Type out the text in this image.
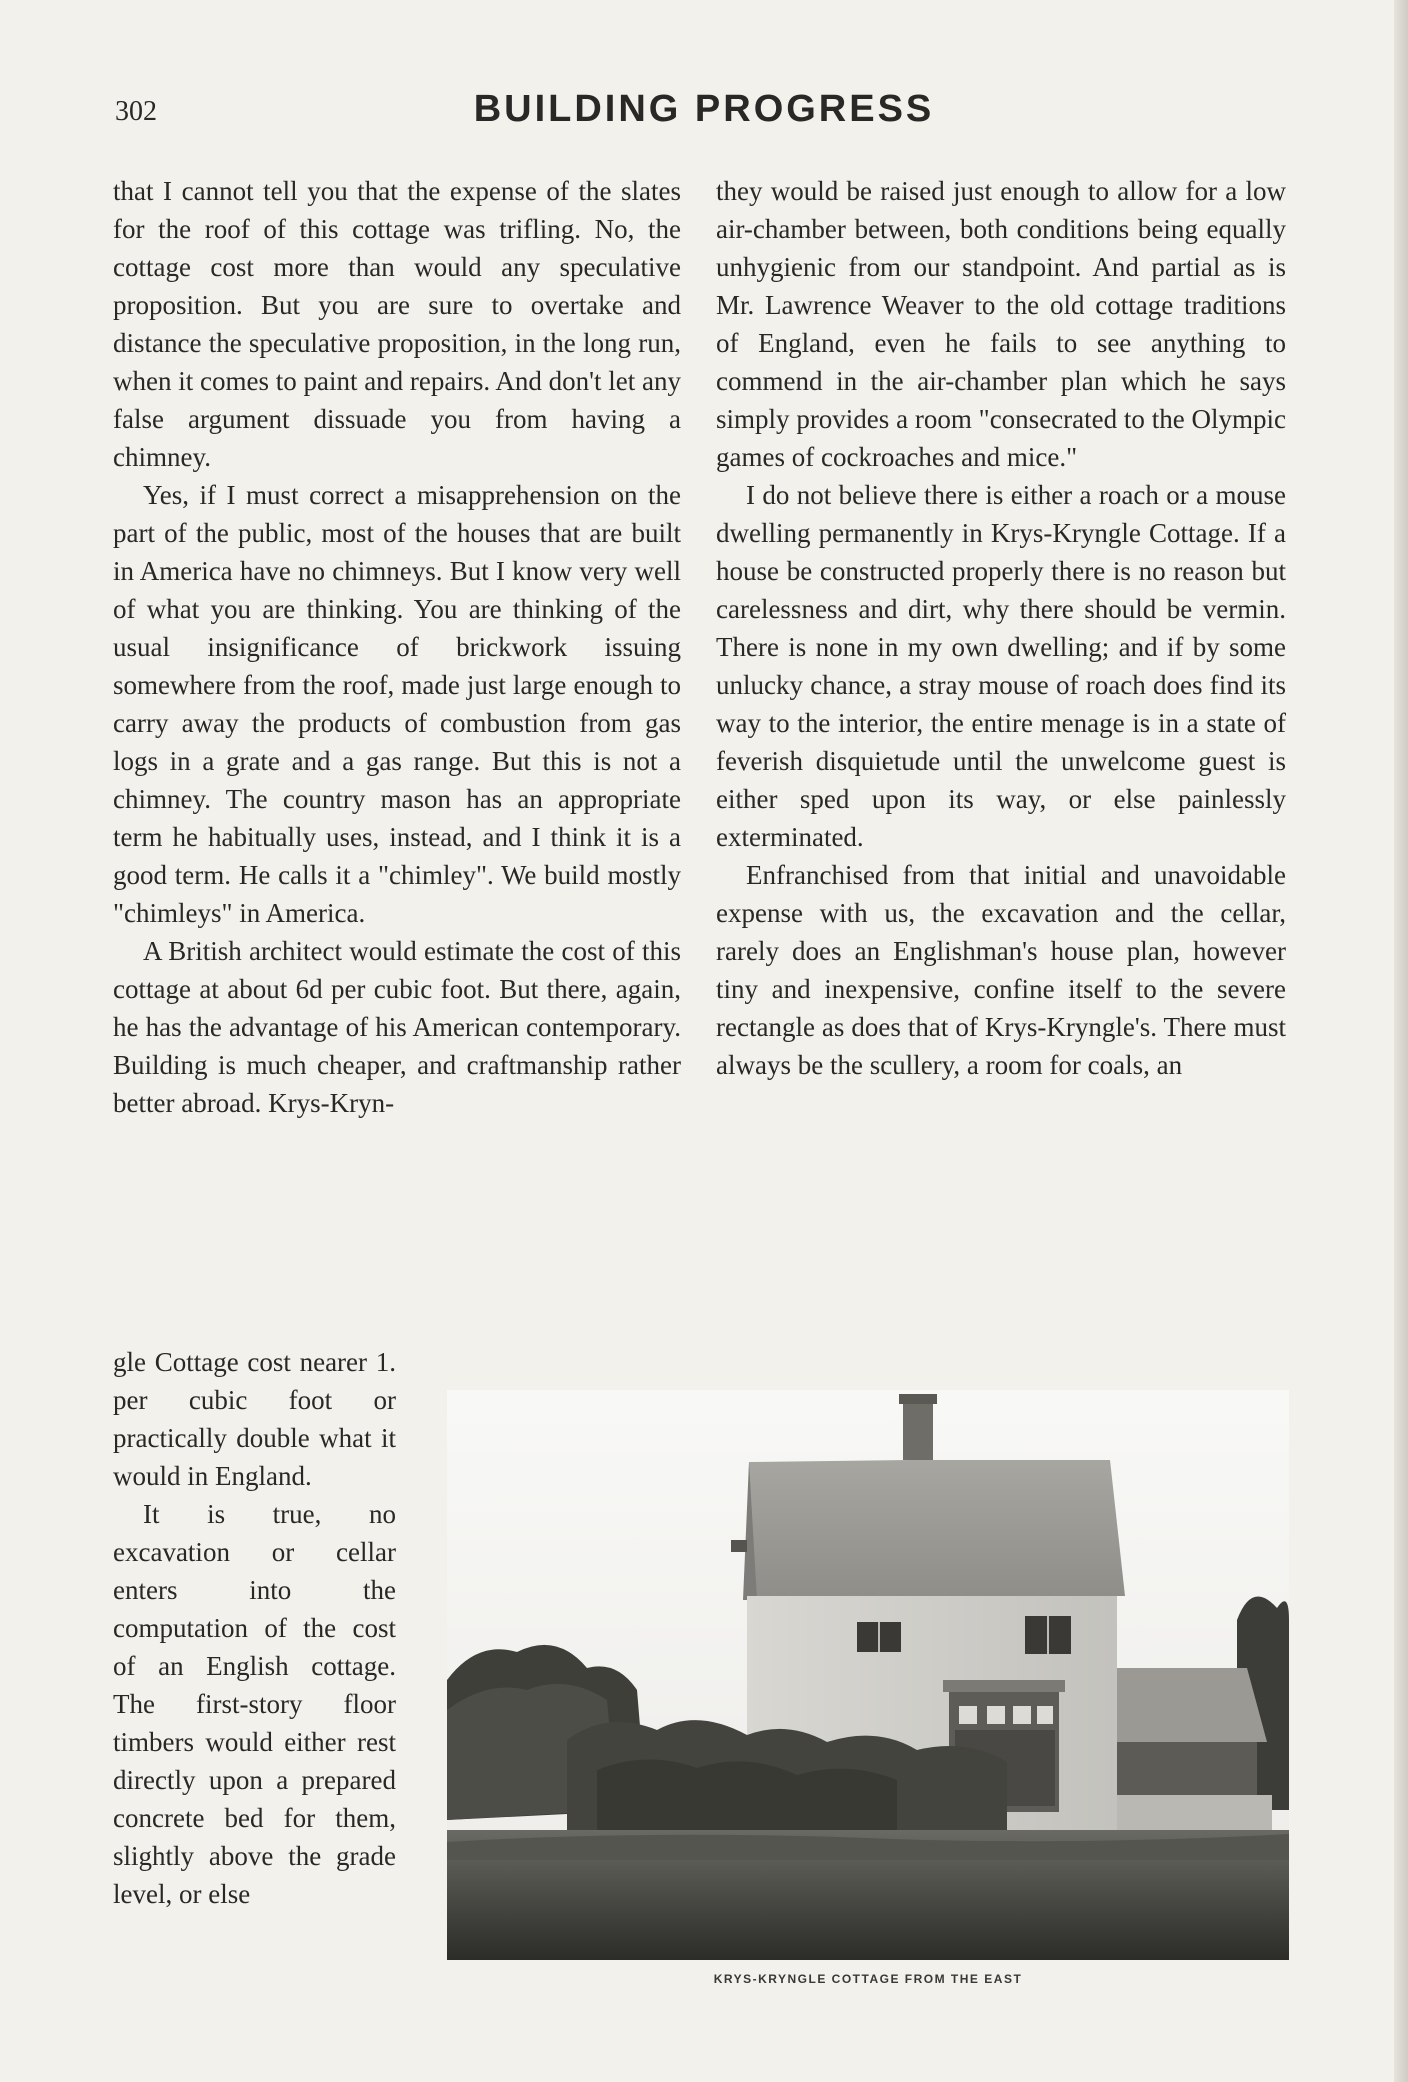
302	BUILDING PROGRESS

that I cannot tell you that the expense of the slates for the roof of this cottage was trifling. No, the cottage cost more than would any speculative proposition. But you are sure to overtake and distance the speculative proposition, in the long run, when it comes to paint and repairs. And don't let any false argument dissuade you from having a chimney.

Yes, if I must correct a misapprehension on the part of the public, most of the houses that are built in America have no chimneys. But I know very well of what you are thinking. You are thinking of the usual insignificance of brickwork issuing somewhere from the roof, made just large enough to carry away the products of combustion from gas logs in a grate and a gas range. But this is not a chimney. The country mason has an appropriate term he habitually uses, instead, and I think it is a good term. He calls it a "chimley". We build mostly "chimleys" in America.

A British architect would estimate the cost of this cottage at about 6d per cubic foot. But there, again, he has the advantage of his American contemporary. Building is much cheaper, and craftmanship rather better abroad. Krys-Kryn-

they would be raised just enough to allow for a low air-chamber between, both conditions being equally unhygienic from our standpoint. And partial as is Mr. Lawrence Weaver to the old cottage traditions of England, even he fails to see anything to commend in the air-chamber plan which he says simply provides a room "consecrated to the Olympic games of cockroaches and mice."

I do not believe there is either a roach or a mouse dwelling permanently in Krys-Kryngle Cottage. If a house be constructed properly there is no reason but carelessness and dirt, why there should be vermin. There is none in my own dwelling; and if by some unlucky chance, a stray mouse of roach does find its way to the interior, the entire menage is in a state of feverish disquietude until the unwelcome guest is either sped upon its way, or else painlessly exterminated.

Enfranchised from that initial and unavoidable expense with us, the excavation and the cellar, rarely does an Englishman's house plan, however tiny and inexpensive, confine itself to the severe rectangle as does that of Krys-Kryngle's. There must always be the scullery, a room for coals, an

gle Cottage cost nearer 1. per cubic foot or practically double what it would in England.

It is true, no excavation or cellar enters into the computation of the cost of an English cottage. The first-story floor timbers would either rest directly upon a prepared concrete bed for them, slightly above the grade level, or else

KRYS-KRYNGLE COTTAGE FROM THE EAST
